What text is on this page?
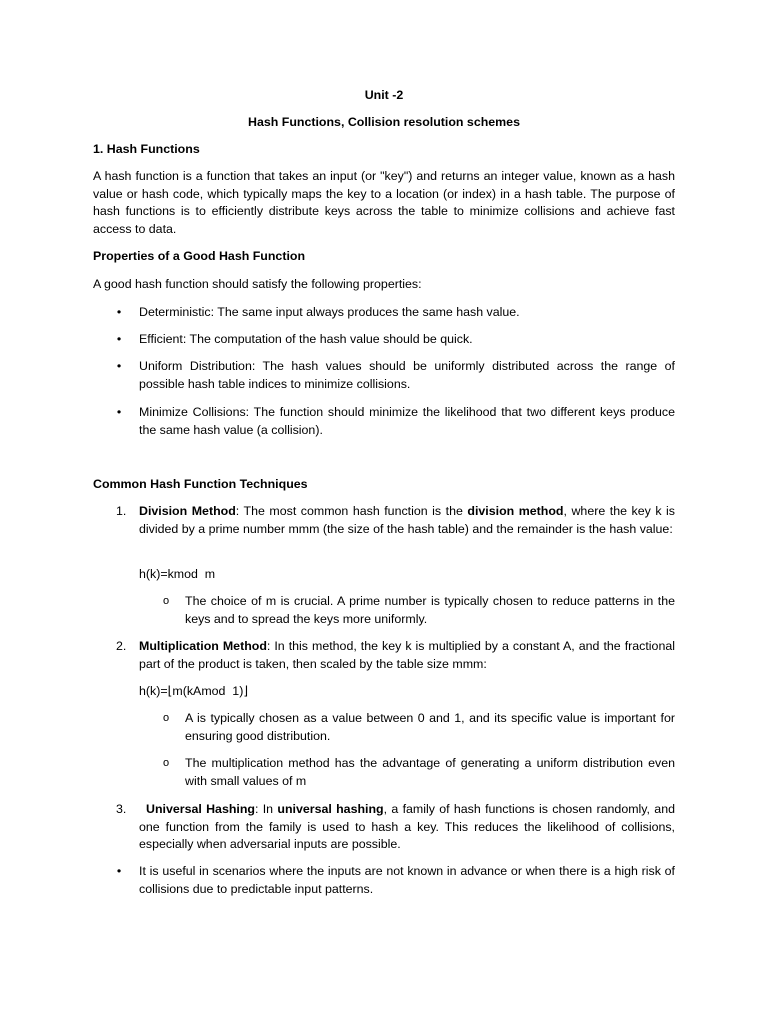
Unit -2
Hash Functions, Collision resolution schemes
1. Hash Functions
A hash function is a function that takes an input (or "key") and returns an integer value, known as a hash value or hash code, which typically maps the key to a location (or index) in a hash table. The purpose of hash functions is to efficiently distribute keys across the table to minimize collisions and achieve fast access to data.
Properties of a Good Hash Function
A good hash function should satisfy the following properties:
• Deterministic: The same input always produces the same hash value.
• Efficient: The computation of the hash value should be quick.
• Uniform Distribution: The hash values should be uniformly distributed across the range of possible hash table indices to minimize collisions.
• Minimize Collisions: The function should minimize the likelihood that two different keys produce the same hash value (a collision).
Common Hash Function Techniques
1. Division Method: The most common hash function is the division method, where the key k is divided by a prime number mmm (the size of the hash table) and the remainder is the hash value:
h(k)=kmod  m
o The choice of m is crucial. A prime number is typically chosen to reduce patterns in the keys and to spread the keys more uniformly.
2. Multiplication Method: In this method, the key k is multiplied by a constant A, and the fractional part of the product is taken, then scaled by the table size mmm:
h(k)=⌊m(kAmod  1)⌋
o A is typically chosen as a value between 0 and 1, and its specific value is important for ensuring good distribution.
o The multiplication method has the advantage of generating a uniform distribution even with small values of m
3.	Universal Hashing: In universal hashing, a family of hash functions is chosen randomly, and one function from the family is used to hash a key. This reduces the likelihood of collisions, especially when adversarial inputs are possible.
• It is useful in scenarios where the inputs are not known in advance or when there is a high risk of collisions due to predictable input patterns.
